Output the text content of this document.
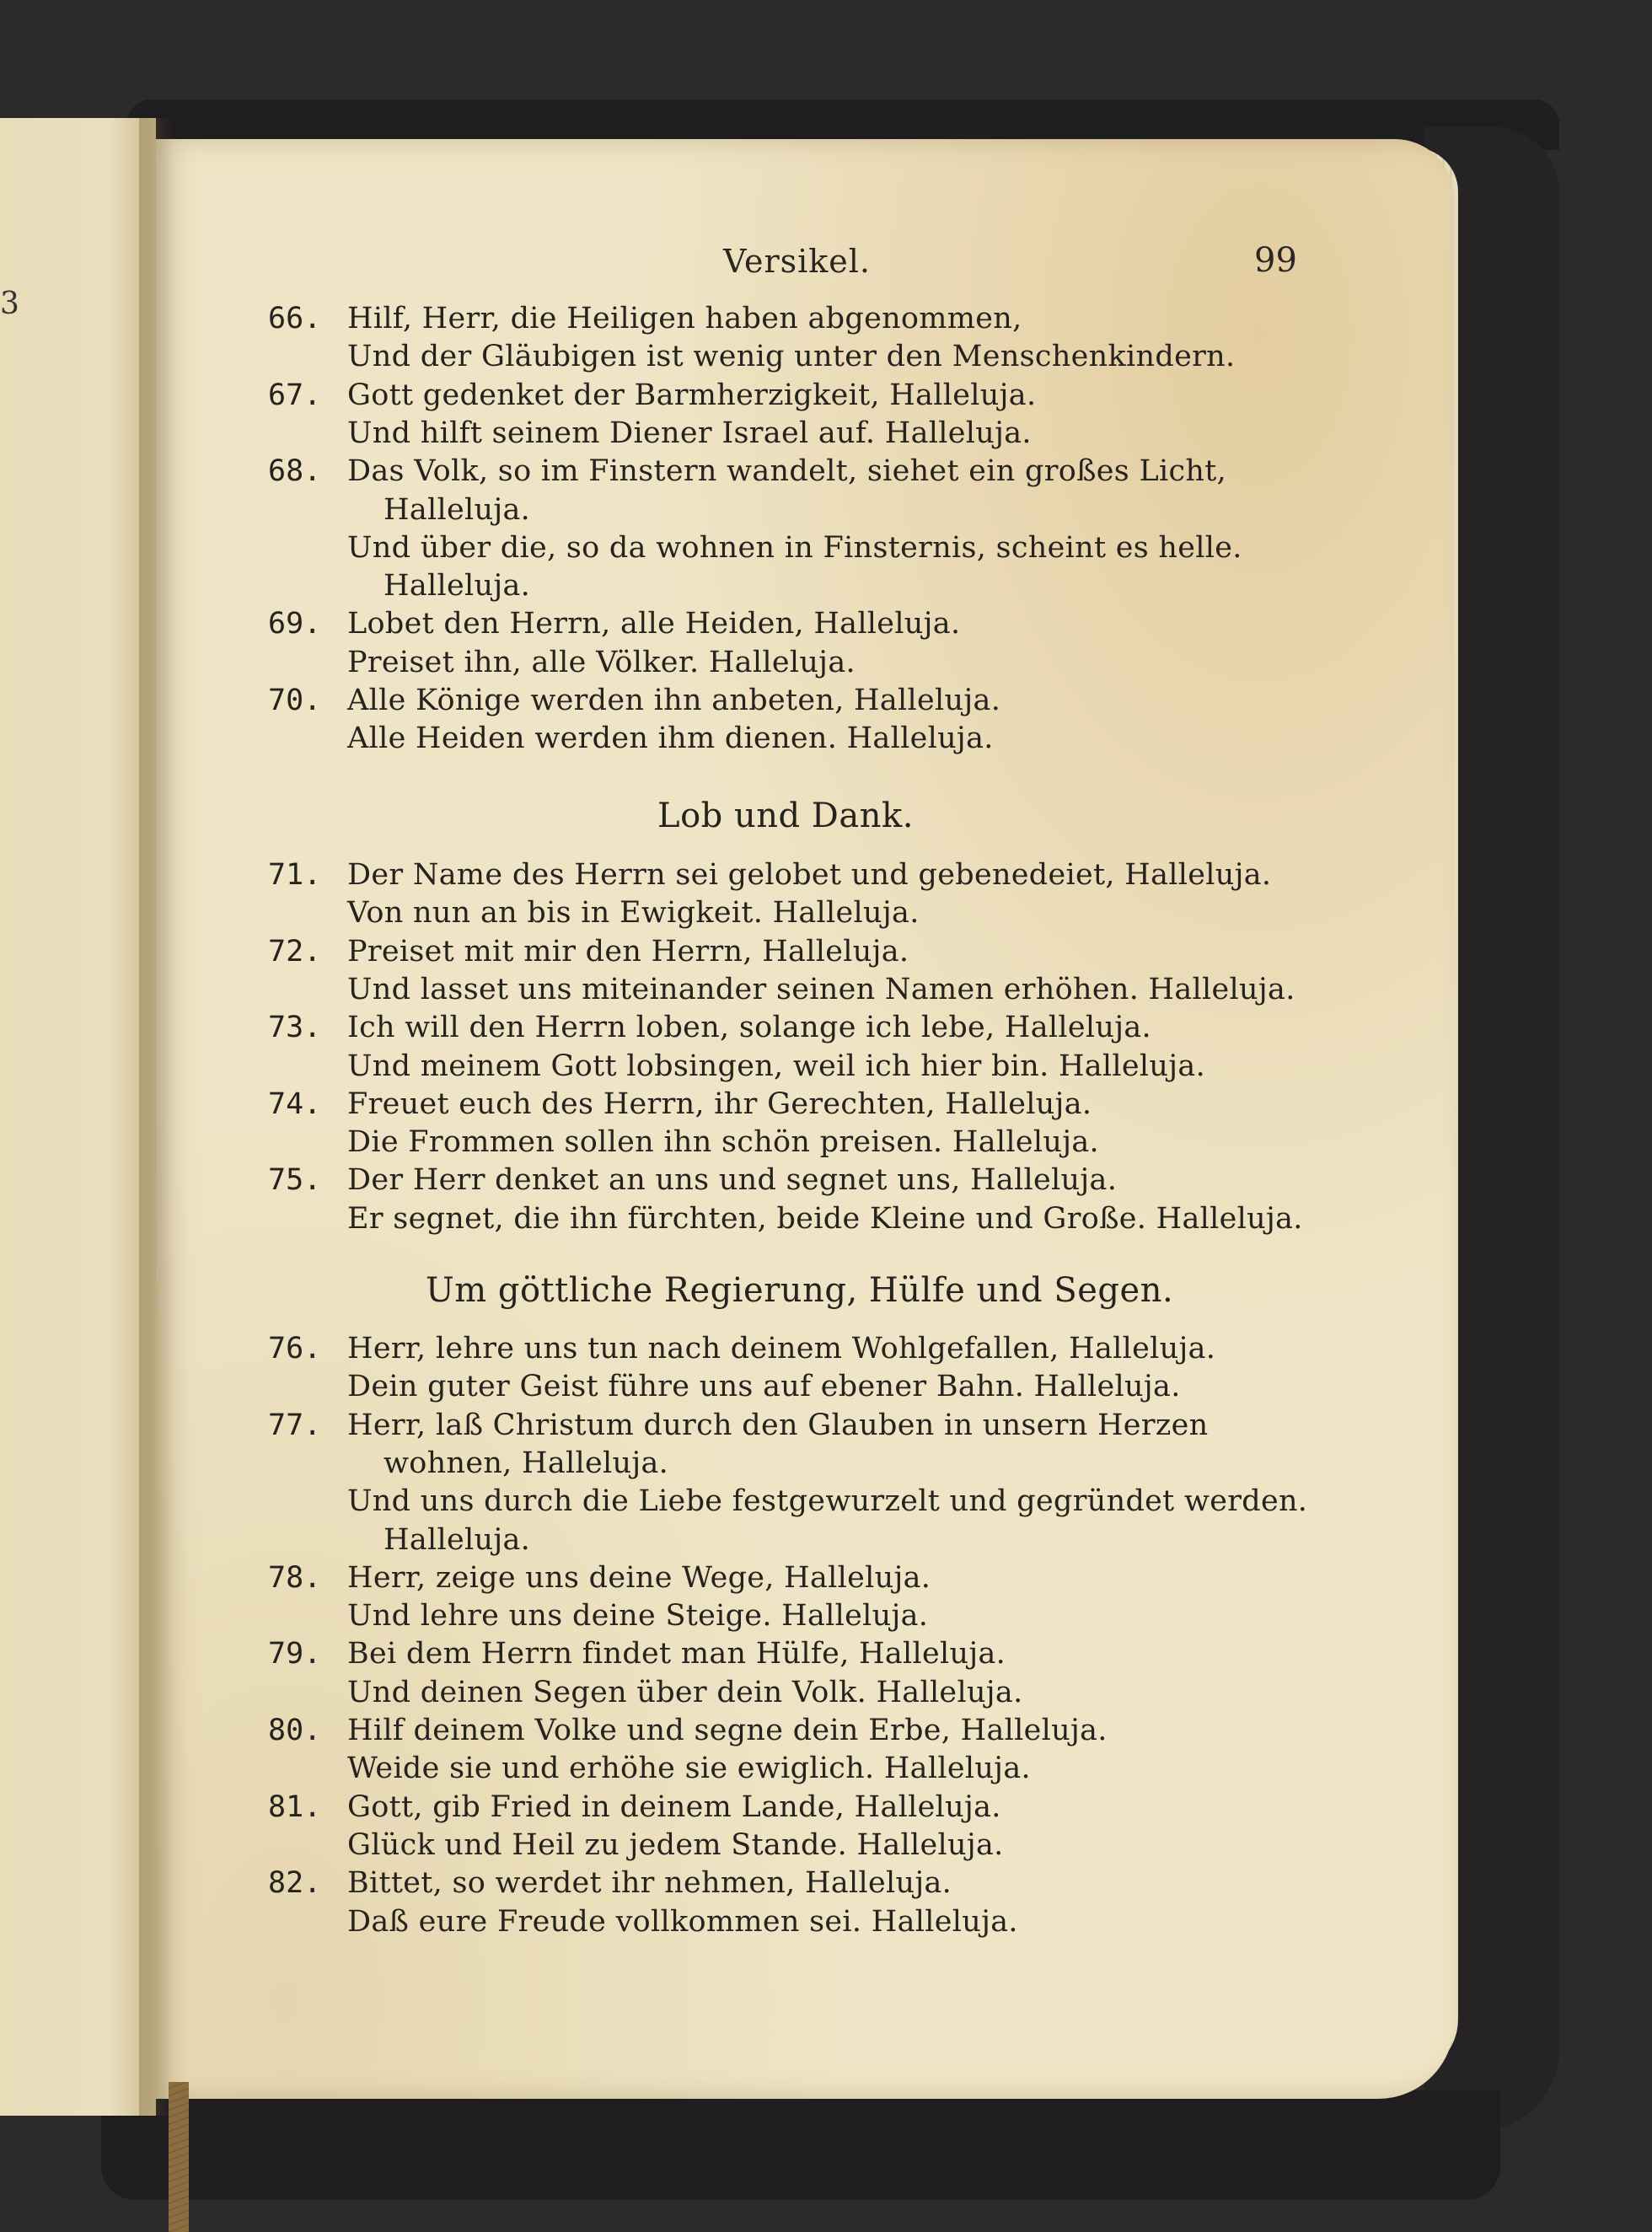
3
Versikel.	99
66. Hilf, Herr, die Heiligen haben abgenommen,
Und der Gläubigen ist wenig unter den Menschenkindern.
67. Gott gedenket der Barmherzigkeit, Halleluja.
Und hilft seinem Diener Israel auf. Halleluja.
68. Das Volk, so im Finstern wandelt, siehet ein großes Licht,
Halleluja.
Und über die, so da wohnen in Finsternis, scheint es helle.
Halleluja.
69. Lobet den Herrn, alle Heiden, Halleluja.
Preiset ihn, alle Völker. Halleluja.
70. Alle Könige werden ihn anbeten, Halleluja.
Alle Heiden werden ihm dienen. Halleluja.
Lob und Dank.
71. Der Name des Herrn sei gelobet und gebenedeiet, Halleluja.
Von nun an bis in Ewigkeit. Halleluja.
72. Preiset mit mir den Herrn, Halleluja.
Und lasset uns miteinander seinen Namen erhöhen. Halleluja.
73. Ich will den Herrn loben, solange ich lebe, Halleluja.
Und meinem Gott lobsingen, weil ich hier bin. Halleluja.
74. Freuet euch des Herrn, ihr Gerechten, Halleluja.
Die Frommen sollen ihn schön preisen. Halleluja.
75. Der Herr denket an uns und segnet uns, Halleluja.
Er segnet, die ihn fürchten, beide Kleine und Große. Halleluja.
Um göttliche Regierung, Hülfe und Segen.
76. Herr, lehre uns tun nach deinem Wohlgefallen, Halleluja.
Dein guter Geist führe uns auf ebener Bahn. Halleluja.
77. Herr, laß Christum durch den Glauben in unsern Herzen
wohnen, Halleluja.
Und uns durch die Liebe festgewurzelt und gegründet werden.
Halleluja.
78. Herr, zeige uns deine Wege, Halleluja.
Und lehre uns deine Steige. Halleluja.
79. Bei dem Herrn findet man Hülfe, Halleluja.
Und deinen Segen über dein Volk. Halleluja.
80. Hilf deinem Volke und segne dein Erbe, Halleluja.
Weide sie und erhöhe sie ewiglich. Halleluja.
81. Gott, gib Fried in deinem Lande, Halleluja.
Glück und Heil zu jedem Stande. Halleluja.
82. Bittet, so werdet ihr nehmen, Halleluja.
Daß eure Freude vollkommen sei. Halleluja.
